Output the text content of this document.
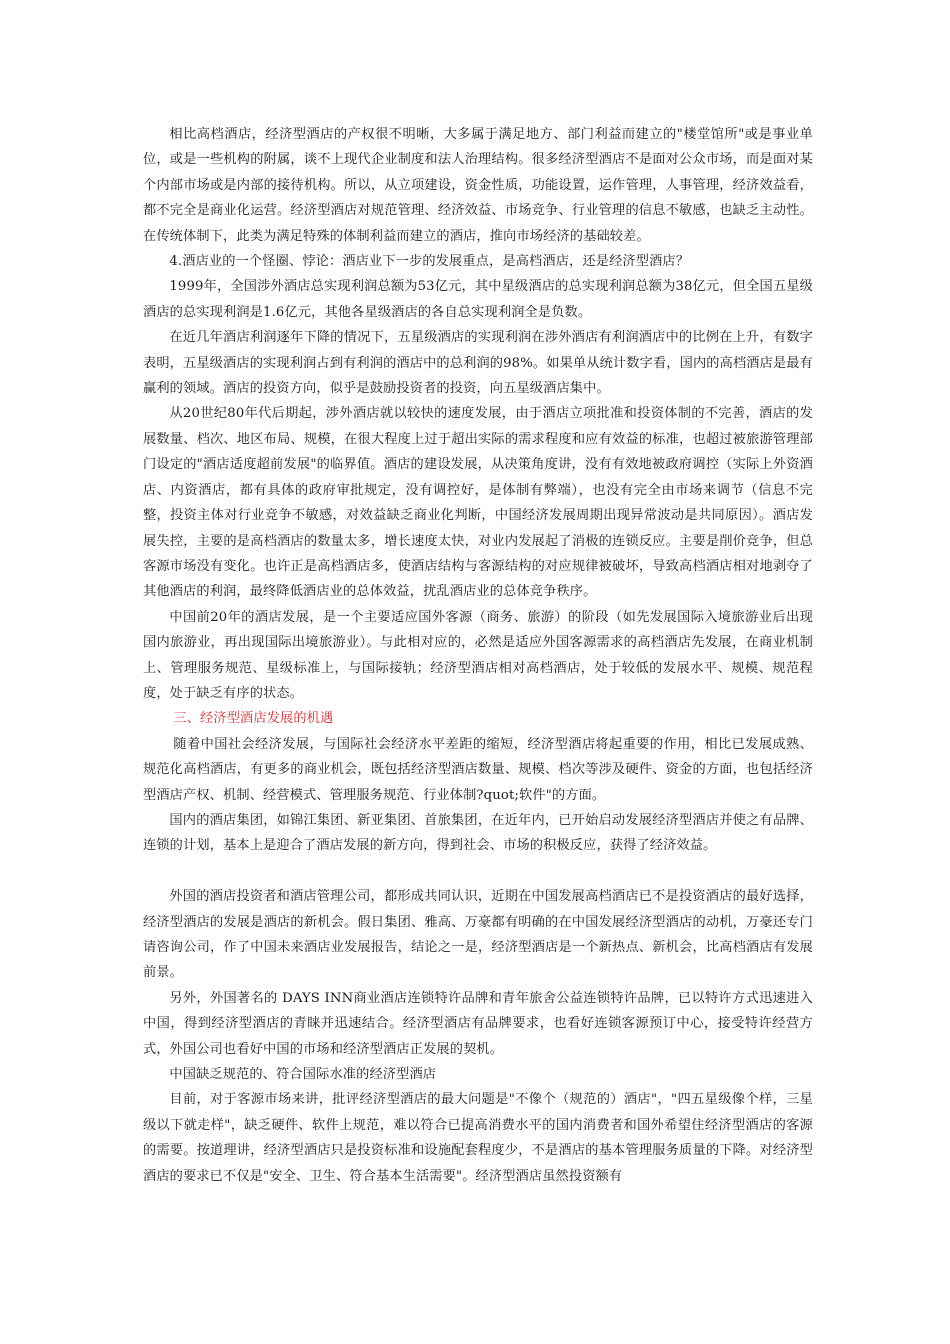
相比高档酒店，经济型酒店的产权很不明晰，大多属于满足地方、部门利益而建立的"楼堂馆所"或是事业单位，或是一些机构的附属，谈不上现代企业制度和法人治理结构。很多经济型酒店不是面对公众市场，而是面对某个内部市场或是内部的接待机构。所以，从立项建设，资金性质，功能设置，运作管理，人事管理，经济效益看，都不完全是商业化运营。经济型酒店对规范管理、经济效益、市场竞争、行业管理的信息不敏感，也缺乏主动性。在传统体制下，此类为满足特殊的体制利益而建立的酒店，推向市场经济的基础较差。

4.酒店业的一个怪圈、悖论：酒店业下一步的发展重点，是高档酒店，还是经济型酒店？

1999年，全国涉外酒店总实现利润总额为53亿元，其中星级酒店的总实现利润总额为38亿元，但全国五星级酒店的总实现利润是1.6亿元，其他各星级酒店的各自总实现利润全是负数。

在近几年酒店利润逐年下降的情况下，五星级酒店的实现利润在涉外酒店有利润酒店中的比例在上升，有数字表明，五星级酒店的实现利润占到有利润的酒店中的总利润的98%。如果单从统计数字看，国内的高档酒店是最有赢利的领域。酒店的投资方向，似乎是鼓励投资者的投资，向五星级酒店集中。

从20世纪80年代后期起，涉外酒店就以较快的速度发展，由于酒店立项批准和投资体制的不完善，酒店的发展数量、档次、地区布局、规模，在很大程度上过于超出实际的需求程度和应有效益的标准，也超过被旅游管理部门设定的"酒店适度超前发展"的临界值。酒店的建设发展，从决策角度讲，没有有效地被政府调控（实际上外资酒店、内资酒店，都有具体的政府审批规定，没有调控好，是体制有弊端），也没有完全由市场来调节（信息不完整，投资主体对行业竞争不敏感，对效益缺乏商业化判断，中国经济发展周期出现异常波动是共同原因）。酒店发展失控，主要的是高档酒店的数量太多，增长速度太快，对业内发展起了消极的连锁反应。主要是削价竞争，但总客源市场没有变化。也许正是高档酒店多，使酒店结构与客源结构的对应规律被破坏，导致高档酒店相对地剥夺了其他酒店的利润，最终降低酒店业的总体效益，扰乱酒店业的总体竞争秩序。

中国前20年的酒店发展，是一个主要适应国外客源（商务、旅游）的阶段（如先发展国际入境旅游业后出现国内旅游业，再出现国际出境旅游业）。与此相对应的，必然是适应外国客源需求的高档酒店先发展，在商业机制上、管理服务规范、星级标准上，与国际接轨；经济型酒店相对高档酒店，处于较低的发展水平、规模、规范程度，处于缺乏有序的状态。

三、经济型酒店发展的机遇

随着中国社会经济发展，与国际社会经济水平差距的缩短，经济型酒店将起重要的作用，相比已发展成熟、规范化高档酒店，有更多的商业机会，既包括经济型酒店数量、规模、档次等涉及硬件、资金的方面，也包括经济型酒店产权、机制、经营模式、管理服务规范、行业体制?quot;软件"的方面。

国内的酒店集团，如锦江集团、新亚集团、首旅集团，在近年内，已开始启动发展经济型酒店并使之有品牌、连锁的计划，基本上是迎合了酒店发展的新方向，得到社会、市场的积极反应，获得了经济效益。

外国的酒店投资者和酒店管理公司，都形成共同认识，近期在中国发展高档酒店已不是投资酒店的最好选择，经济型酒店的发展是酒店的新机会。假日集团、雅高、万豪都有明确的在中国发展经济型酒店的动机，万豪还专门请咨询公司，作了中国未来酒店业发展报告，结论之一是，经济型酒店是一个新热点、新机会，比高档酒店有发展前景。

另外，外国著名的 DAYS INN商业酒店连锁特许品牌和青年旅舍公益连锁特许品牌，已以特许方式迅速进入中国，得到经济型酒店的青睐并迅速结合。经济型酒店有品牌要求，也看好连锁客源预订中心，接受特许经营方式，外国公司也看好中国的市场和经济型酒店正发展的契机。

中国缺乏规范的、符合国际水准的经济型酒店

目前，对于客源市场来讲，批评经济型酒店的最大问题是"不像个（规范的）酒店"，"四五星级像个样，三星级以下就走样"，缺乏硬件、软件上规范，难以符合已提高消费水平的国内消费者和国外希望住经济型酒店的客源的需要。按道理讲，经济型酒店只是投资标准和设施配套程度少，不是酒店的基本管理服务质量的下降。对经济型酒店的要求已不仅是"安全、卫生、符合基本生活需要"。经济型酒店虽然投资额有
